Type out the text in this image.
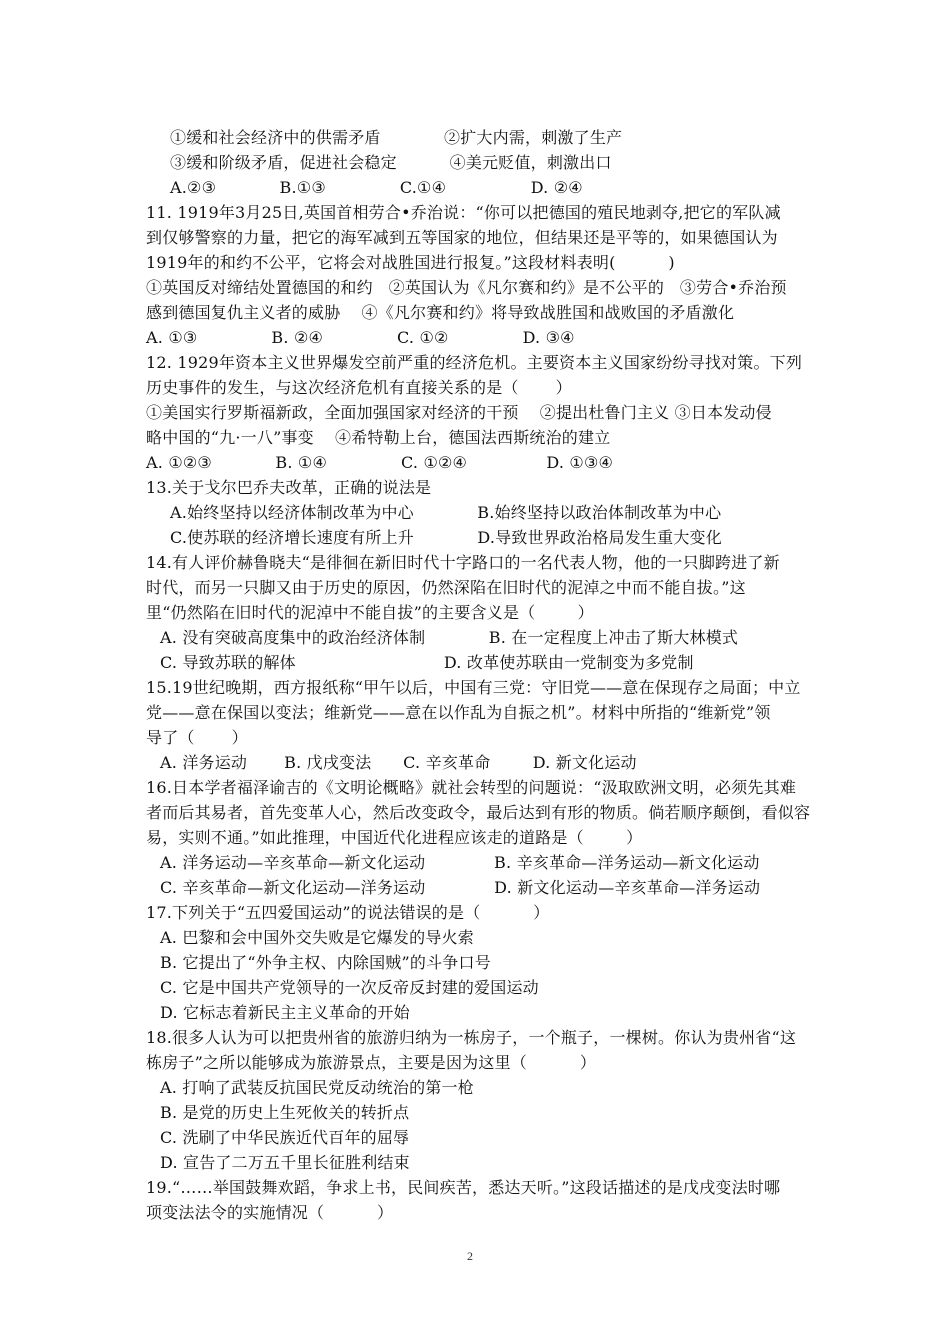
①缓和社会经济中的供需矛盾            ②扩大内需，刺激了生产
③缓和阶级矛盾，促进社会稳定          ④美元贬值，刺激出口
A.②③            B.①③              C.①④                D. ②④
11. 1919年3月25日,英国首相劳合•乔治说：“你可以把德国的殖民地剥夺,把它的军队减
到仅够警察的力量，把它的海军减到五等国家的地位，但结果还是平等的，如果德国认为
1919年的和约不公平，它将会对战胜国进行报复。”这段材料表明(          )
①英国反对缔结处置德国的和约   ②英国认为《凡尔赛和约》是不公平的   ③劳合•乔治预
感到德国复仇主义者的威胁    ④《凡尔赛和约》将导致战胜国和战败国的矛盾激化
A. ①③              B. ②④              C. ①②              D. ③④
12. 1929年资本主义世界爆发空前严重的经济危机。主要资本主义国家纷纷寻找对策。下列
历史事件的发生，与这次经济危机有直接关系的是（       ）
①美国实行罗斯福新政，全面加强国家对经济的干预    ②提出杜鲁门主义 ③日本发动侵
略中国的“九·一八”事变    ④希特勒上台，德国法西斯统治的建立
A. ①②③            B. ①④              C. ①②④               D. ①③④
13.关于戈尔巴乔夫改革，正确的说法是
A.始终坚持以经济体制改革为中心            B.始终坚持以政治体制改革为中心
C.使苏联的经济增长速度有所上升            D.导致世界政治格局发生重大变化
14.有人评价赫鲁晓夫“是徘徊在新旧时代十字路口的一名代表人物，他的一只脚跨进了新
时代，而另一只脚又由于历史的原因，仍然深陷在旧时代的泥淖之中而不能自拔。”这
里“仍然陷在旧时代的泥淖中不能自拔”的主要含义是（        ）
A. 没有突破高度集中的政治经济体制            B. 在一定程度上冲击了斯大林模式
C. 导致苏联的解体                            D. 改革使苏联由一党制变为多党制
15.19世纪晚期，西方报纸称“甲午以后，中国有三党：守旧党——意在保现存之局面；中立
党——意在保国以变法；维新党——意在以作乱为自振之机”。材料中所指的“维新党”领
导了（       ）
A. 洋务运动       B. 戊戌变法      C. 辛亥革命        D. 新文化运动
16.日本学者福泽谕吉的《文明论概略》就社会转型的问题说：“汲取欧洲文明，必须先其难
者而后其易者，首先变革人心，然后改变政令，最后达到有形的物质。倘若顺序颠倒，看似容
易，实则不通。”如此推理，中国近代化进程应该走的道路是（        ）
A. 洋务运动—辛亥革命—新文化运动             B. 辛亥革命—洋务运动—新文化运动
C. 辛亥革命—新文化运动—洋务运动             D. 新文化运动—辛亥革命—洋务运动
17.下列关于“五四爱国运动”的说法错误的是（          ）
A. 巴黎和会中国外交失败是它爆发的导火索
B. 它提出了“外争主权、内除国贼”的斗争口号
C. 它是中国共产党领导的一次反帝反封建的爱国运动
D. 它标志着新民主主义革命的开始
18.很多人认为可以把贵州省的旅游归纳为一栋房子，一个瓶子，一棵树。你认为贵州省“这
栋房子”之所以能够成为旅游景点，主要是因为这里（          ）
A. 打响了武装反抗国民党反动统治的第一枪
B. 是党的历史上生死攸关的转折点
C. 洗刷了中华民族近代百年的屈辱
D. 宣告了二万五千里长征胜利结束
19.“……举国鼓舞欢蹈，争求上书，民间疾苦，悉达天听。”这段话描述的是戊戌变法时哪
项变法法令的实施情况（          ）
2
